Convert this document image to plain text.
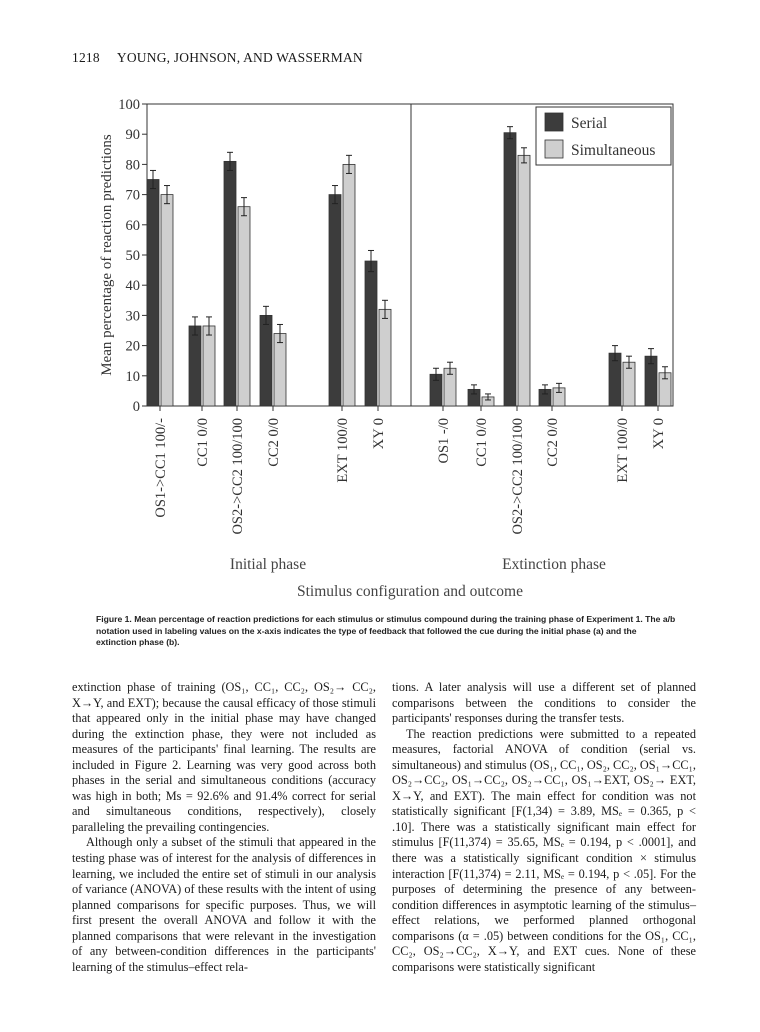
1218 YOUNG, JOHNSON, AND WASSERMAN
0
10
20
30
40
50
60
70
80
90
100
Mean percentage of reaction predictions
OS1->CC1 100/- CC1 0/0 OS2->CC2 100/100 CC2 0/0	EXT 100/0 XY 0
Initial phase
OS1 -/0 CC1 0/0 OS2->CC2 100/100 CC2 0/0	EXT 100/0 XY 0
Extinction phase
Stimulus configuration and outcome
Serial
Simultaneous
Figure 1. Mean percentage of reaction predictions for each stimulus or stimulus compound during the training phase of Experiment 1. The a/b notation used in labeling values on the x-axis indicates the type of feedback that followed the cue during the initial phase (a) and the extinction phase (b).

extinction phase of training (OS₁, CC₁, CC₂, OS₂→ CC₂, X→Y, and EXT); because the causal efficacy of those stimuli that appeared only in the initial phase may have changed during the extinction phase, they were not included as measures of the participants' final learning. The results are included in Figure 2. Learning was very good across both phases in the serial and simultaneous conditions (accuracy was high in both; Ms = 92.6% and 91.4% correct for serial and simultaneous conditions, respectively), closely paralleling the prevailing contingencies.

Although only a subset of the stimuli that appeared in the testing phase was of interest for the analysis of differences in learning, we included the entire set of stimuli in our analysis of variance (ANOVA) of these results with the intent of using planned comparisons for specific purposes. Thus, we will first present the overall ANOVA and follow it with the planned comparisons that were relevant in the investigation of any between-condition differences in the participants' learning of the stimulus–effect rela-

tions. A later analysis will use a different set of planned comparisons between the conditions to consider the participants' responses during the transfer tests.

The reaction predictions were submitted to a repeated measures, factorial ANOVA of condition (serial vs. simultaneous) and stimulus (OS₁, CC₁, OS₂, CC₂, OS₁→CC₁, OS₂→CC₂, OS₁→CC₂, OS₂→CC₁, OS₁→EXT, OS₂→ EXT, X→Y, and EXT). The main effect for condition was not statistically significant [F(1,34) = 3.89, MSₑ = 0.365, p < .10]. There was a statistically significant main effect for stimulus [F(11,374) = 35.65, MSₑ = 0.194, p < .0001], and there was a statistically significant condition × stimulus interaction [F(11,374) = 2.11, MSₑ = 0.194, p < .05]. For the purposes of determining the presence of any between-condition differences in asymptotic learning of the stimulus–effect relations, we performed planned orthogonal comparisons (α = .05) between conditions for the OS₁, CC₁, CC₂, OS₂→CC₂, X→Y, and EXT cues. None of these comparisons were statistically significant
